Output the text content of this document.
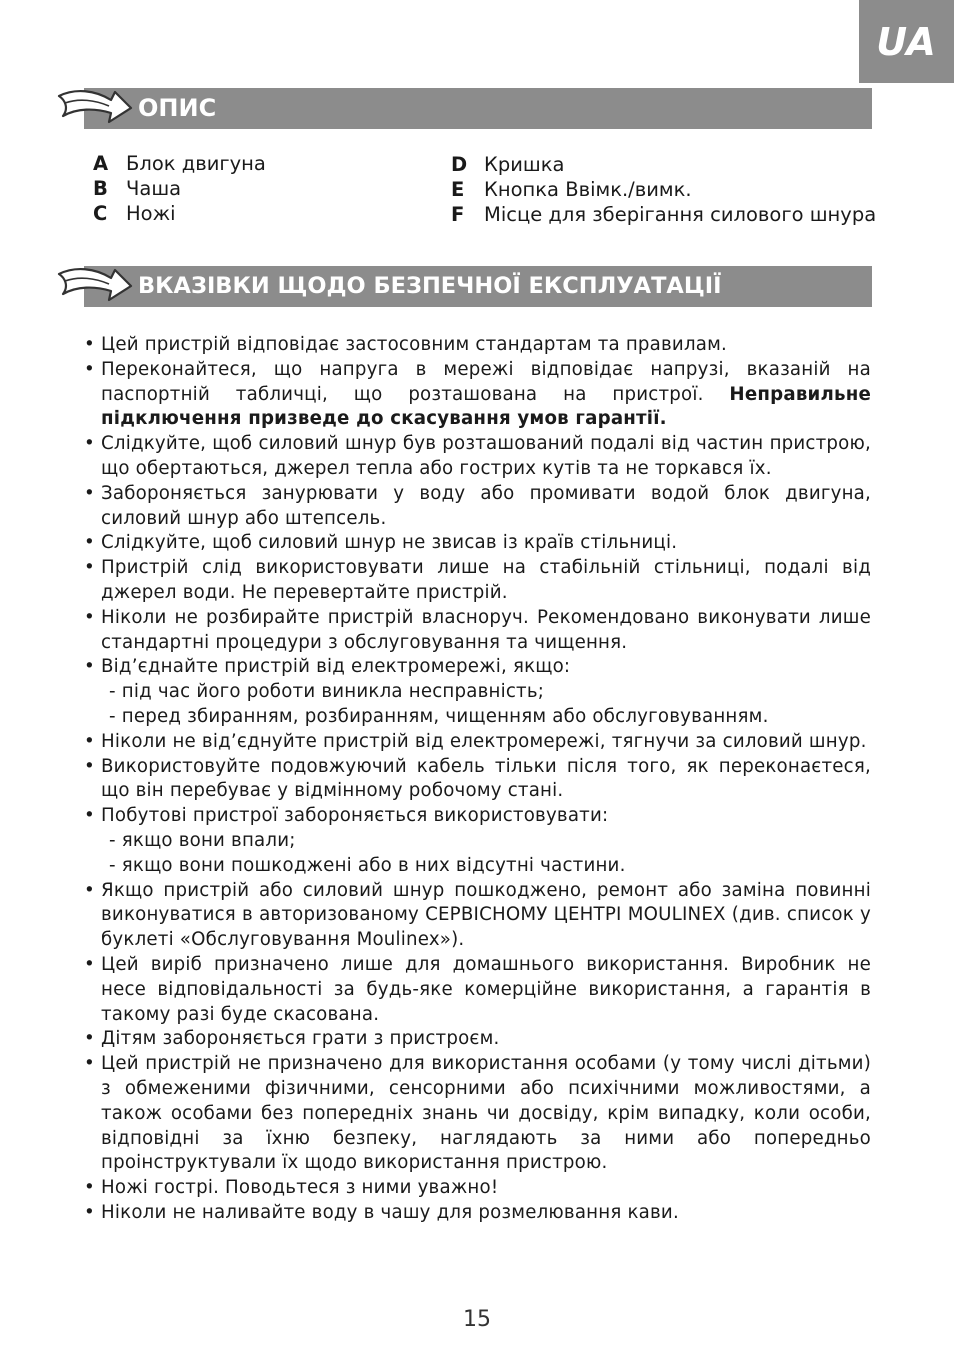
UA
ОПИС
A Блок двигуна
B Чаша
C Ножі
D Кришка
E	Кнопка Ввімк./вимк.
F	Місце для зберігання силового шнура
ВКАЗІВКИ ЩОДО БЕЗПЕЧНОЇ ЕКСПЛУАТАЦІЇ
• Цей пристрій відповідає застосовним стандартам та правилам.
• Переконайтеся, що напруга в мережі відповідає напрузі, вказаній на паспортній табличці, що розташована на пристрої. Неправильне підключення призведе до скасування умов гарантії.
• Слідкуйте, щоб силовий шнур був розташований подалі від частин пристрою, що обертаються, джерел тепла або гострих кутів та не торкався їх.
• Забороняється занурювати у воду або промивати водой блок двигуна, силовий шнур або штепсель.
• Слідкуйте, щоб силовий шнур не звисав із країв стільниці.
• Пристрій слід використовувати лише на стабільній стільниці, подалі від джерел води. Не перевертайте пристрій.
• Ніколи не розбирайте пристрій власноруч. Рекомендовано виконувати лише стандартні процедури з обслуговування та чищення.
• Від’єднайте пристрій від електромережі, якщо:
- під час його роботи виникла несправність;
- перед збиранням, розбиранням, чищенням або обслуговуванням.
• Ніколи не від’єднуйте пристрій від електромережі, тягнучи за силовий шнур.
• Використовуйте подовжуючий кабель тільки після того, як переконаєтеся, що він перебуває у відмінному робочому стані.
• Побутові пристрої забороняється використовувати:
- якщо вони впали;
- якщо вони пошкоджені або в них відсутні частини.
• Якщо пристрій або силовий шнур пошкоджено, ремонт або заміна повинні виконуватися в авторизованому СЕРВІСНОМУ ЦЕНТРІ MOULINEX (див. список у буклеті «Обслуговування Moulinex»).
• Цей виріб призначено лише для домашнього використання. Виробник не несе відповідальності за будь-яке комерційне використання, а гарантія в такому разі буде скасована.
• Дітям забороняється грати з пристроєм.
• Цей пристрій не призначено для використання особами (у тому числі дітьми) з обмеженими фізичними, сенсорними або психічними можливостями, а також особами без попередніх знань чи досвіду, крім випадку, коли особи, відповідні за їхню безпеку, наглядають за ними або попередньо проінструктували їх щодо використання пристрою.
• Ножі гострі. Поводьтеся з ними уважно!
• Ніколи не наливайте воду в чашу для розмелювання кави.
15
